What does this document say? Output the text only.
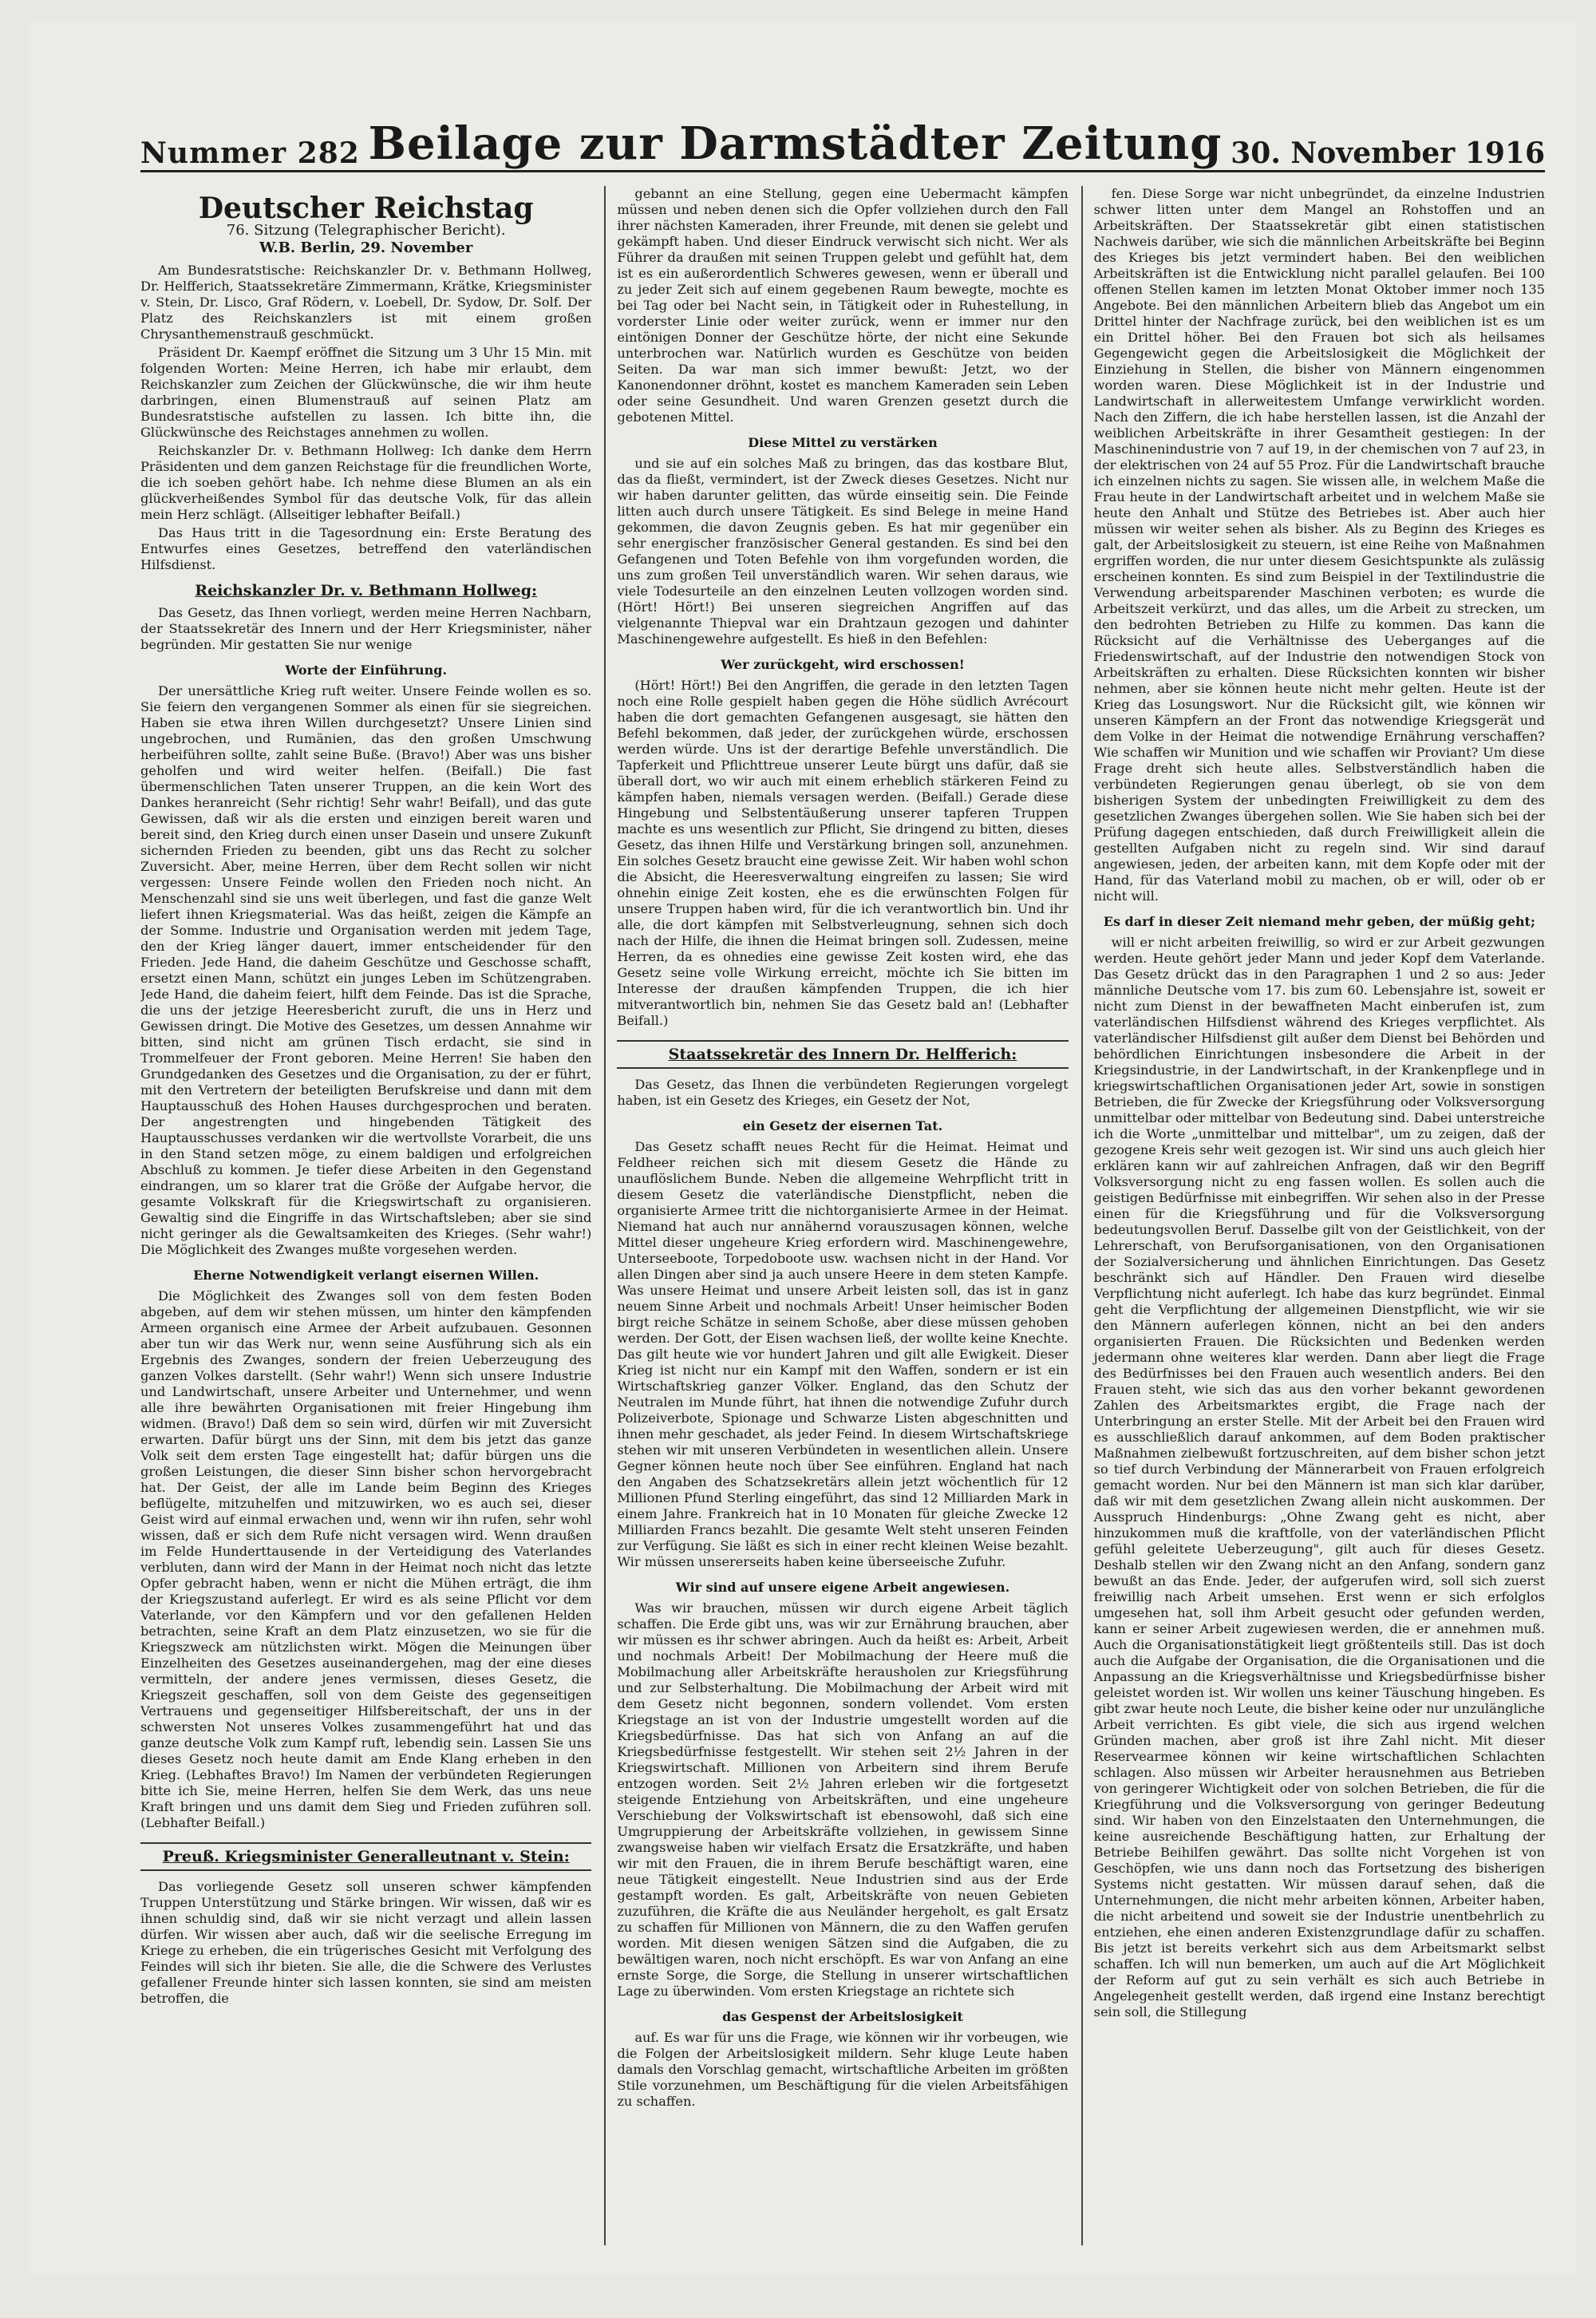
Nummer 282 Beilage zur Darmstädter Zeitung 30. November 1916
Deutscher Reichstag
76. Sitzung (Telegraphischer Bericht).
W.B. Berlin, 29. November

Am Bundesratstische: Reichskanzler Dr. v. Bethmann Hollweg, Dr. Helfferich, Staatssekretäre Zimmermann, Krätke, Kriegsminister v. Stein, Dr. Lisco, Graf Rödern, v. Loebell, Dr. Sydow, Dr. Solf. Der Platz des Reichskanzlers ist mit einem großen Chrysanthemenstrauß geschmückt.

Präsident Dr. Kaempf eröffnet die Sitzung um 3 Uhr 15 Min. mit folgenden Worten: Meine Herren, ich habe mir erlaubt, dem Reichskanzler zum Zeichen der Glückwünsche, die wir ihm heute darbringen, einen Blumenstrauß auf seinen Platz am Bundesratstische aufstellen zu lassen. Ich bitte ihn, die Glückwünsche des Reichstages annehmen zu wollen.

Reichskanzler Dr. v. Bethmann Hollweg: Ich danke dem Herrn Präsidenten und dem ganzen Reichstage für die freundlichen Worte, die ich soeben gehört habe. Ich nehme diese Blumen an als ein glückverheißendes Symbol für das deutsche Volk, für das allein mein Herz schlägt. (Allseitiger lebhafter Beifall.)

Das Haus tritt in die Tagesordnung ein: Erste Beratung des Entwurfes eines Gesetzes, betreffend den vaterländischen Hilfsdienst.

Reichskanzler Dr. v. Bethmann Hollweg:

Das Gesetz, das Ihnen vorliegt, werden meine Herren Nachbarn, der Staatssekretär des Innern und der Herr Kriegsminister, näher begründen. Mir gestatten Sie nur wenige

Worte der Einführung.

Der unersättliche Krieg ruft weiter. Unsere Feinde wollen es so. Sie feiern den vergangenen Sommer als einen für sie siegreichen. Haben sie etwa ihren Willen durchgesetzt? Unsere Linien sind ungebrochen, und Rumänien, das den großen Umschwung herbeiführen sollte, zahlt seine Buße. (Bravo!) Aber was uns bisher geholfen und wird weiter helfen. (Beifall.) Die fast übermenschlichen Taten unserer Truppen, an die kein Wort des Dankes heranreicht (Sehr richtig! Sehr wahr! Beifall), und das gute Gewissen, daß wir als die ersten und einzigen bereit waren und bereit sind, den Krieg durch einen unser Dasein und unsere Zukunft sichernden Frieden zu beenden, gibt uns das Recht zu solcher Zuversicht. Aber, meine Herren, über dem Recht sollen wir nicht vergessen: Unsere Feinde wollen den Frieden noch nicht. An Menschenzahl sind sie uns weit überlegen, und fast die ganze Welt liefert ihnen Kriegsmaterial. Was das heißt, zeigen die Kämpfe an der Somme. Industrie und Organisation werden mit jedem Tage, den der Krieg länger dauert, immer entscheidender für den Frieden. Jede Hand, die daheim Geschütze und Geschosse schafft, ersetzt einen Mann, schützt ein junges Leben im Schützengraben. Jede Hand, die daheim feiert, hilft dem Feinde. Das ist die Sprache, die uns der jetzige Heeresbericht zuruft, die uns in Herz und Gewissen dringt. Die Motive des Gesetzes, um dessen Annahme wir bitten, sind nicht am grünen Tisch erdacht, sie sind in Trommelfeuer der Front geboren. Meine Herren! Sie haben den Grundgedanken des Gesetzes und die Organisation, zu der er führt, mit den Vertretern der beteiligten Berufskreise und dann mit dem Hauptausschuß des Hohen Hauses durchgesprochen und beraten. Der angestrengten und hingebenden Tätigkeit des Hauptausschusses verdanken wir die wertvollste Vorarbeit, die uns in den Stand setzen möge, zu einem baldigen und erfolgreichen Abschluß zu kommen. Je tiefer diese Arbeiten in den Gegenstand eindrangen, um so klarer trat die Größe der Aufgabe hervor, die gesamte Volkskraft für die Kriegswirtschaft zu organisieren. Gewaltig sind die Eingriffe in das Wirtschaftsleben; aber sie sind nicht geringer als die Gewaltsamkeiten des Krieges. (Sehr wahr!) Die Möglichkeit des Zwanges mußte vorgesehen werden.

Eherne Notwendigkeit verlangt eisernen Willen.

Die Möglichkeit des Zwanges soll von dem festen Boden abgeben, auf dem wir stehen müssen, um hinter den kämpfenden Armeen organisch eine Armee der Arbeit aufzubauen. Gesonnen aber tun wir das Werk nur, wenn seine Ausführung sich als ein Ergebnis des Zwanges, sondern der freien Ueberzeugung des ganzen Volkes darstellt. (Sehr wahr!) Wenn sich unsere Industrie und Landwirtschaft, unsere Arbeiter und Unternehmer, und wenn alle ihre bewährten Organisationen mit freier Hingebung ihm widmen. (Bravo!) Daß dem so sein wird, dürfen wir mit Zuversicht erwarten. Dafür bürgt uns der Sinn, mit dem bis jetzt das ganze Volk seit dem ersten Tage eingestellt hat; dafür bürgen uns die großen Leistungen, die dieser Sinn bisher schon hervorgebracht hat. Der Geist, der alle im Lande beim Beginn des Krieges beflügelte, mitzuhelfen und mitzuwirken, wo es auch sei, dieser Geist wird auf einmal erwachen und, wenn wir ihn rufen, sehr wohl wissen, daß er sich dem Rufe nicht versagen wird. Wenn draußen im Felde Hunderttausende in der Verteidigung des Vaterlandes verbluten, dann wird der Mann in der Heimat noch nicht das letzte Opfer gebracht haben, wenn er nicht die Mühen erträgt, die ihm der Kriegszustand auferlegt. Er wird es als seine Pflicht vor dem Vaterlande, vor den Kämpfern und vor den gefallenen Helden betrachten, seine Kraft an dem Platz einzusetzen, wo sie für die Kriegszweck am nützlichsten wirkt. Mögen die Meinungen über Einzelheiten des Gesetzes auseinandergehen, mag der eine dieses vermitteln, der andere jenes vermissen, dieses Gesetz, die Kriegszeit geschaffen, soll von dem Geiste des gegenseitigen Vertrauens und gegenseitiger Hilfsbereitschaft, der uns in der schwersten Not unseres Volkes zusammengeführt hat und das ganze deutsche Volk zum Kampf ruft, lebendig sein. Lassen Sie uns dieses Gesetz noch heute damit am Ende Klang erheben in den Krieg. (Lebhaftes Bravo!) Im Namen der verbündeten Regierungen bitte ich Sie, meine Herren, helfen Sie dem Werk, das uns neue Kraft bringen und uns damit dem Sieg und Frieden zuführen soll. (Lebhafter Beifall.)

Preuß. Kriegsminister Generalleutnant v. Stein:

Das vorliegende Gesetz soll unseren schwer kämpfenden Truppen Unterstützung und Stärke bringen. Wir wissen, daß wir es ihnen schuldig sind, daß wir sie nicht verzagt und allein lassen dürfen. Wir wissen aber auch, daß wir die seelische Erregung im Kriege zu erheben, die ein trügerisches Gesicht mit Verfolgung des Feindes will sich ihr bieten. Sie alle, die die Schwere des Verlustes gefallener Freunde hinter sich lassen konnten, sie sind am meisten betroffen, die

gebannt an eine Stellung, gegen eine Uebermacht kämpfen müssen und neben denen sich die Opfer vollziehen durch den Fall ihrer nächsten Kameraden, ihrer Freunde, mit denen sie gelebt und gekämpft haben. Und dieser Eindruck verwischt sich nicht. Wer als Führer da draußen mit seinen Truppen gelebt und gefühlt hat, dem ist es ein außerordentlich Schweres gewesen, wenn er überall und zu jeder Zeit sich auf einem gegebenen Raum bewegte, mochte es bei Tag oder bei Nacht sein, in Tätigkeit oder in Ruhestellung, in vorderster Linie oder weiter zurück, wenn er immer nur den eintönigen Donner der Geschütze hörte, der nicht eine Sekunde unterbrochen war. Natürlich wurden es Geschütze von beiden Seiten. Da war man sich immer bewußt: Jetzt, wo der Kanonendonner dröhnt, kostet es manchem Kameraden sein Leben oder seine Gesundheit. Und waren Grenzen gesetzt durch die gebotenen Mittel.

Diese Mittel zu verstärken

und sie auf ein solches Maß zu bringen, das das kostbare Blut, das da fließt, vermindert, ist der Zweck dieses Gesetzes. Nicht nur wir haben darunter gelitten, das würde einseitig sein. Die Feinde litten auch durch unsere Tätigkeit. Es sind Belege in meine Hand gekommen, die davon Zeugnis geben. Es hat mir gegenüber ein sehr energischer französischer General gestanden. Es sind bei den Gefangenen und Toten Befehle von ihm vorgefunden worden, die uns zum großen Teil unverständlich waren. Wir sehen daraus, wie viele Todesurteile an den einzelnen Leuten vollzogen worden sind. (Hört! Hört!) Bei unseren siegreichen Angriffen auf das vielgenannte Thiepval war ein Drahtzaun gezogen und dahinter Maschinengewehre aufgestellt. Es hieß in den Befehlen:

Wer zurückgeht, wird erschossen!

(Hört! Hört!) Bei den Angriffen, die gerade in den letzten Tagen noch eine Rolle gespielt haben gegen die Höhe südlich Avrécourt haben die dort gemachten Gefangenen ausgesagt, sie hätten den Befehl bekommen, daß jeder, der zurückgehen würde, erschossen werden würde. Uns ist der derartige Befehle unverständlich. Die Tapferkeit und Pflichttreue unserer Leute bürgt uns dafür, daß sie überall dort, wo wir auch mit einem erheblich stärkeren Feind zu kämpfen haben, niemals versagen werden. (Beifall.) Gerade diese Hingebung und Selbstentäußerung unserer tapferen Truppen machte es uns wesentlich zur Pflicht, Sie dringend zu bitten, dieses Gesetz, das ihnen Hilfe und Verstärkung bringen soll, anzunehmen. Ein solches Gesetz braucht eine gewisse Zeit. Wir haben wohl schon die Absicht, die Heeresverwaltung eingreifen zu lassen; Sie wird ohnehin einige Zeit kosten, ehe es die erwünschten Folgen für unsere Truppen haben wird, für die ich verantwortlich bin. Und ihr alle, die dort kämpfen mit Selbstverleugnung, sehnen sich doch nach der Hilfe, die ihnen die Heimat bringen soll. Zudessen, meine Herren, da es ohnedies eine gewisse Zeit kosten wird, ehe das Gesetz seine volle Wirkung erreicht, möchte ich Sie bitten im Interesse der draußen kämpfenden Truppen, die ich hier mitverantwortlich bin, nehmen Sie das Gesetz bald an! (Lebhafter Beifall.)

Staatssekretär des Innern Dr. Helfferich:

Das Gesetz, das Ihnen die verbündeten Regierungen vorgelegt haben, ist ein Gesetz des Krieges, ein Gesetz der Not,

ein Gesetz der eisernen Tat.

Das Gesetz schafft neues Recht für die Heimat. Heimat und Feldheer reichen sich mit diesem Gesetz die Hände zu unauflöslichem Bunde. Neben die allgemeine Wehrpflicht tritt in diesem Gesetz die vaterländische Dienstpflicht, neben die organisierte Armee tritt die nichtorganisierte Armee in der Heimat. Niemand hat auch nur annähernd vorauszusagen können, welche Mittel dieser ungeheure Krieg erfordern wird. Maschinengewehre, Unterseeboote, Torpedoboote usw. wachsen nicht in der Hand. Vor allen Dingen aber sind ja auch unsere Heere in dem steten Kampfe. Was unsere Heimat und unsere Arbeit leisten soll, das ist in ganz neuem Sinne Arbeit und nochmals Arbeit! Unser heimischer Boden birgt reiche Schätze in seinem Schoße, aber diese müssen gehoben werden. Der Gott, der Eisen wachsen ließ, der wollte keine Knechte. Das gilt heute wie vor hundert Jahren und gilt alle Ewigkeit. Dieser Krieg ist nicht nur ein Kampf mit den Waffen, sondern er ist ein Wirtschaftskrieg ganzer Völker. England, das den Schutz der Neutralen im Munde führt, hat ihnen die notwendige Zufuhr durch Polizeiverbote, Spionage und Schwarze Listen abgeschnitten und ihnen mehr geschadet, als jeder Feind. In diesem Wirtschaftskriege stehen wir mit unseren Verbündeten in wesentlichen allein. Unsere Gegner können heute noch über See einführen. England hat nach den Angaben des Schatzsekretärs allein jetzt wöchentlich für 12 Millionen Pfund Sterling eingeführt, das sind 12 Milliarden Mark in einem Jahre. Frankreich hat in 10 Monaten für gleiche Zwecke 12 Milliarden Francs bezahlt. Die gesamte Welt steht unseren Feinden zur Verfügung. Sie läßt es sich in einer recht kleinen Weise bezahlt. Wir müssen unsererseits haben keine überseeische Zufuhr.

Wir sind auf unsere eigene Arbeit angewiesen.

Was wir brauchen, müssen wir durch eigene Arbeit täglich schaffen. Die Erde gibt uns, was wir zur Ernährung brauchen, aber wir müssen es ihr schwer abringen. Auch da heißt es: Arbeit, Arbeit und nochmals Arbeit! Der Mobilmachung der Heere muß die Mobilmachung aller Arbeitskräfte herausholen zur Kriegsführung und zur Selbsterhaltung. Die Mobilmachung der Arbeit wird mit dem Gesetz nicht begonnen, sondern vollendet. Vom ersten Kriegstage an ist von der Industrie umgestellt worden auf die Kriegsbedürfnisse. Das hat sich von Anfang an auf die Kriegsbedürfnisse festgestellt. Wir stehen seit 2½ Jahren in der Kriegswirtschaft. Millionen von Arbeitern sind ihrem Berufe entzogen worden. Seit 2½ Jahren erleben wir die fortgesetzt steigende Entziehung von Arbeitskräften, und eine ungeheure Verschiebung der Volkswirtschaft ist ebensowohl, daß sich eine Umgruppierung der Arbeitskräfte vollziehen, in gewissem Sinne zwangsweise haben wir vielfach Ersatz die Ersatzkräfte, und haben wir mit den Frauen, die in ihrem Berufe beschäftigt waren, eine neue Tätigkeit eingestellt. Neue Industrien sind aus der Erde gestampft worden. Es galt, Arbeitskräfte von neuen Gebieten zuzuführen, die Kräfte die aus Neuländer hergeholt, es galt Ersatz zu schaffen für Millionen von Männern, die zu den Waffen gerufen worden. Mit diesen wenigen Sätzen sind die Aufgaben, die zu bewältigen waren, noch nicht erschöpft. Es war von Anfang an eine ernste Sorge, die Sorge, die Stellung in unserer wirtschaftlichen Lage zu überwinden. Vom ersten Kriegstage an richtete sich

das Gespenst der Arbeitslosigkeit

auf. Es war für uns die Frage, wie können wir ihr vorbeugen, wie die Folgen der Arbeitslosigkeit mildern. Sehr kluge Leute haben damals den Vorschlag gemacht, wirtschaftliche Arbeiten im größten Stile vorzunehmen, um Beschäftigung für die vielen Arbeitsfähigen zu schaffen.

fen. Diese Sorge war nicht unbegründet, da einzelne Industrien schwer litten unter dem Mangel an Rohstoffen und an Arbeitskräften. Der Staatssekretär gibt einen statistischen Nachweis darüber, wie sich die männlichen Arbeitskräfte bei Beginn des Krieges bis jetzt vermindert haben. Bei den weiblichen Arbeitskräften ist die Entwicklung nicht parallel gelaufen. Bei 100 offenen Stellen kamen im letzten Monat Oktober immer noch 135 Angebote. Bei den männlichen Arbeitern blieb das Angebot um ein Drittel hinter der Nachfrage zurück, bei den weiblichen ist es um ein Drittel höher. Bei den Frauen bot sich als heilsames Gegengewicht gegen die Arbeitslosigkeit die Möglichkeit der Einziehung in Stellen, die bisher von Männern eingenommen worden waren. Diese Möglichkeit ist in der Industrie und Landwirtschaft in allerweitestem Umfange verwirklicht worden. Nach den Ziffern, die ich habe herstellen lassen, ist die Anzahl der weiblichen Arbeitskräfte in ihrer Gesamtheit gestiegen: In der Maschinenindustrie von 7 auf 19, in der chemischen von 7 auf 23, in der elektrischen von 24 auf 55 Proz. Für die Landwirtschaft brauche ich einzelnen nichts zu sagen. Sie wissen alle, in welchem Maße die Frau heute in der Landwirtschaft arbeitet und in welchem Maße sie heute den Anhalt und Stütze des Betriebes ist. Aber auch hier müssen wir weiter sehen als bisher. Als zu Beginn des Krieges es galt, der Arbeitslosigkeit zu steuern, ist eine Reihe von Maßnahmen ergriffen worden, die nur unter diesem Gesichtspunkte als zulässig erscheinen konnten. Es sind zum Beispiel in der Textilindustrie die Verwendung arbeitsparender Maschinen verboten; es wurde die Arbeitszeit verkürzt, und das alles, um die Arbeit zu strecken, um den bedrohten Betrieben zu Hilfe zu kommen. Das kann die Rücksicht auf die Verhältnisse des Ueberganges auf die Friedenswirtschaft, auf der Industrie den notwendigen Stock von Arbeitskräften zu erhalten. Diese Rücksichten konnten wir bisher nehmen, aber sie können heute nicht mehr gelten. Heute ist der Krieg das Losungswort. Nur die Rücksicht gilt, wie können wir unseren Kämpfern an der Front das notwendige Kriegsgerät und dem Volke in der Heimat die notwendige Ernährung verschaffen? Wie schaffen wir Munition und wie schaffen wir Proviant? Um diese Frage dreht sich heute alles. Selbstverständlich haben die verbündeten Regierungen genau überlegt, ob sie von dem bisherigen System der unbedingten Freiwilligkeit zu dem des gesetzlichen Zwanges übergehen sollen. Wie Sie haben sich bei der Prüfung dagegen entschieden, daß durch Freiwilligkeit allein die gestellten Aufgaben nicht zu regeln sind. Wir sind darauf angewiesen, jeden, der arbeiten kann, mit dem Kopfe oder mit der Hand, für das Vaterland mobil zu machen, ob er will, oder ob er nicht will.

Es darf in dieser Zeit niemand mehr geben, der müßig geht;

will er nicht arbeiten freiwillig, so wird er zur Arbeit gezwungen werden. Heute gehört jeder Mann und jeder Kopf dem Vaterlande. Das Gesetz drückt das in den Paragraphen 1 und 2 so aus: Jeder männliche Deutsche vom 17. bis zum 60. Lebensjahre ist, soweit er nicht zum Dienst in der bewaffneten Macht einberufen ist, zum vaterländischen Hilfsdienst während des Krieges verpflichtet. Als vaterländischer Hilfsdienst gilt außer dem Dienst bei Behörden und behördlichen Einrichtungen insbesondere die Arbeit in der Kriegsindustrie, in der Landwirtschaft, in der Krankenpflege und in kriegswirtschaftlichen Organisationen jeder Art, sowie in sonstigen Betrieben, die für Zwecke der Kriegsführung oder Volksversorgung unmittelbar oder mittelbar von Bedeutung sind. Dabei unterstreiche ich die Worte „unmittelbar und mittelbar", um zu zeigen, daß der gezogene Kreis sehr weit gezogen ist. Wir sind uns auch gleich hier erklären kann wir auf zahlreichen Anfragen, daß wir den Begriff Volksversorgung nicht zu eng fassen wollen. Es sollen auch die geistigen Bedürfnisse mit einbegriffen. Wir sehen also in der Presse einen für die Kriegsführung und für die Volksversorgung bedeutungsvollen Beruf. Dasselbe gilt von der Geistlichkeit, von der Lehrerschaft, von Berufsorganisationen, von den Organisationen der Sozialversicherung und ähnlichen Einrichtungen. Das Gesetz beschränkt sich auf Händler. Den Frauen wird dieselbe Verpflichtung nicht auferlegt. Ich habe das kurz begründet. Einmal geht die Verpflichtung der allgemeinen Dienstpflicht, wie wir sie den Männern auferlegen können, nicht an bei den anders organisierten Frauen. Die Rücksichten und Bedenken werden jedermann ohne weiteres klar werden. Dann aber liegt die Frage des Bedürfnisses bei den Frauen auch wesentlich anders. Bei den Frauen steht, wie sich das aus den vorher bekannt gewordenen Zahlen des Arbeitsmarktes ergibt, die Frage nach der Unterbringung an erster Stelle. Mit der Arbeit bei den Frauen wird es ausschließlich darauf ankommen, auf dem Boden praktischer Maßnahmen zielbewußt fortzuschreiten, auf dem bisher schon jetzt so tief durch Verbindung der Männerarbeit von Frauen erfolgreich gemacht worden. Nur bei den Männern ist man sich klar darüber, daß wir mit dem gesetzlichen Zwang allein nicht auskommen. Der Ausspruch Hindenburgs: „Ohne Zwang geht es nicht, aber hinzukommen muß die kraftfolle, von der vaterländischen Pflicht gefühl geleitete Ueberzeugung", gilt auch für dieses Gesetz. Deshalb stellen wir den Zwang nicht an den Anfang, sondern ganz bewußt an das Ende. Jeder, der aufgerufen wird, soll sich zuerst freiwillig nach Arbeit umsehen. Erst wenn er sich erfolglos umgesehen hat, soll ihm Arbeit gesucht oder gefunden werden, kann er seiner Arbeit zugewiesen werden, die er annehmen muß. Auch die Organisationstätigkeit liegt größtenteils still. Das ist doch auch die Aufgabe der Organisation, die die Organisationen und die Anpassung an die Kriegsverhältnisse und Kriegsbedürfnisse bisher geleistet worden ist. Wir wollen uns keiner Täuschung hingeben. Es gibt zwar heute noch Leute, die bisher keine oder nur unzulängliche Arbeit verrichten. Es gibt viele, die sich aus irgend welchen Gründen machen, aber groß ist ihre Zahl nicht. Mit dieser Reservearmee können wir keine wirtschaftlichen Schlachten schlagen. Also müssen wir Arbeiter herausnehmen aus Betrieben von geringerer Wichtigkeit oder von solchen Betrieben, die für die Kriegführung und die Volksversorgung von geringer Bedeutung sind. Wir haben von den Einzelstaaten den Unternehmungen, die keine ausreichende Beschäftigung hatten, zur Erhaltung der Betriebe Beihilfen gewährt. Das sollte nicht Vorgehen ist von Geschöpfen, wie uns dann noch das Fortsetzung des bisherigen Systems nicht gestatten. Wir müssen darauf sehen, daß die Unternehmungen, die nicht mehr arbeiten können, Arbeiter haben, die nicht arbeitend und soweit sie der Industrie unentbehrlich zu entziehen, ehe einen anderen Existenzgrundlage dafür zu schaffen. Bis jetzt ist bereits verkehrt sich aus dem Arbeitsmarkt selbst schaffen. Ich will nun bemerken, um auch auf die Art Möglichkeit der Reform auf gut zu sein verhält es sich auch Betriebe in Angelegenheit gestellt werden, daß irgend eine Instanz berechtigt sein soll, die Stillegung
